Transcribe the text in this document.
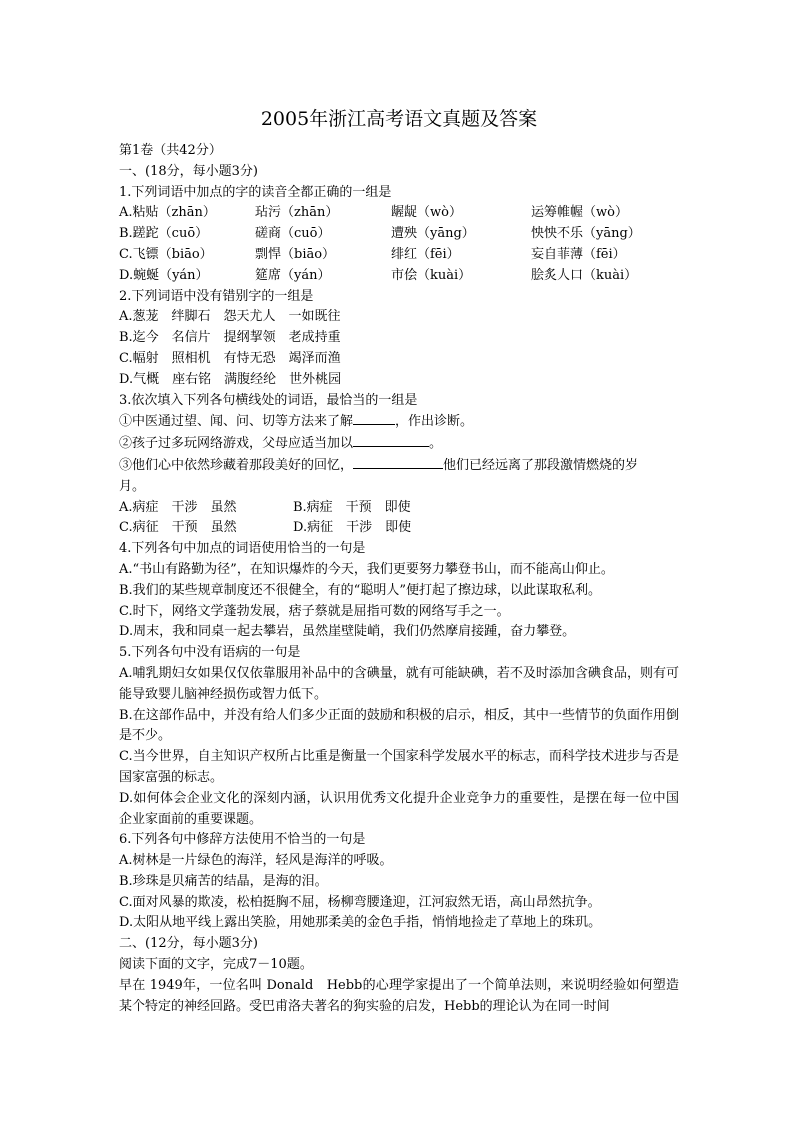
2005年浙江高考语文真题及答案

第1卷（共42分）

一、(18分，每小题3分)

1.下列词语中加点的字的读音全都正确的一组是

A.粘贴（zhān）	玷污（zhān）	龌龊（wò）	运筹帷幄（wò）
B.蹉跎（cuō）	磋商（cuō）	遭殃（yāng）	怏怏不乐（yāng）
C.飞镖（biāo）	剽悍（biāo）	绯红（fēi）	妄自菲薄（fēi）
D.蜿蜒（yán）	筵席（yán）	市侩（kuài）	脍炙人口（kuài）

2.下列词语中没有错别字的一组是

A.葱茏　绊脚石　怨天尤人　一如既往

B.迄今　名信片　提纲挈领　老成持重

C.幅射　照相机　有恃无恐　竭泽而渔

D.气概　座右铭　满腹经纶　世外桃园

3.依次填入下列各句横线处的词语，最恰当的一组是

①中医通过望、闻、问、切等方法来了解	，作出诊断。

②孩子过多玩网络游戏，父母应适当加以	。

③他们心中依然珍藏着那段美好的回忆，	他们已经远离了那段激情燃烧的岁

月。

A.病症　干涉　虽然	B.病症　干预　即使

C.病征　干预　虽然	D.病征　干涉　即使

4.下列各句中加点的词语使用恰当的一句是

A.“书山有路勤为径”，在知识爆炸的今天，我们更要努力攀登书山，而不能高山仰止。

B.我们的某些规章制度还不很健全，有的“聪明人”便打起了擦边球，以此谋取私利。

C.时下，网络文学蓬勃发展，痞子蔡就是屈指可数的网络写手之一。

D.周末，我和同桌一起去攀岩，虽然崖壁陡峭，我们仍然摩肩接踵，奋力攀登。

5.下列各句中没有语病的一句是

A.哺乳期妇女如果仅仅依靠服用补品中的含碘量，就有可能缺碘，若不及时添加含碘食品，则有可能导致婴儿脑神经损伤或智力低下。

B.在这部作品中，并没有给人们多少正面的鼓励和积极的启示，相反，其中一些情节的负面作用倒是不少。

C.当今世界，自主知识产权所占比重是衡量一个国家科学发展水平的标志，而科学技术进步与否是国家富强的标志。

D.如何体会企业文化的深刻内涵，认识用优秀文化提升企业竞争力的重要性，是摆在每一位中国企业家面前的重要课题。

6.下列各句中修辞方法使用不恰当的一句是

A.树林是一片绿色的海洋，轻风是海洋的呼吸。

B.珍珠是贝痛苦的结晶，是海的泪。

C.面对风暴的欺凌，松柏挺胸不屈，杨柳弯腰逢迎，江河寂然无语，高山昂然抗争。

D.太阳从地平线上露出笑脸，用她那柔美的金色手指，悄悄地捡走了草地上的珠玑。

二、(12分，每小题3分)

阅读下面的文字，完成7－10题。

早在 1949年，一位名叫 Donald　Hebb的心理学家提出了一个简单法则，来说明经验如何塑造某个特定的神经回路。受巴甫洛夫著名的狗实验的启发，Hebb的理论认为在同一时间
